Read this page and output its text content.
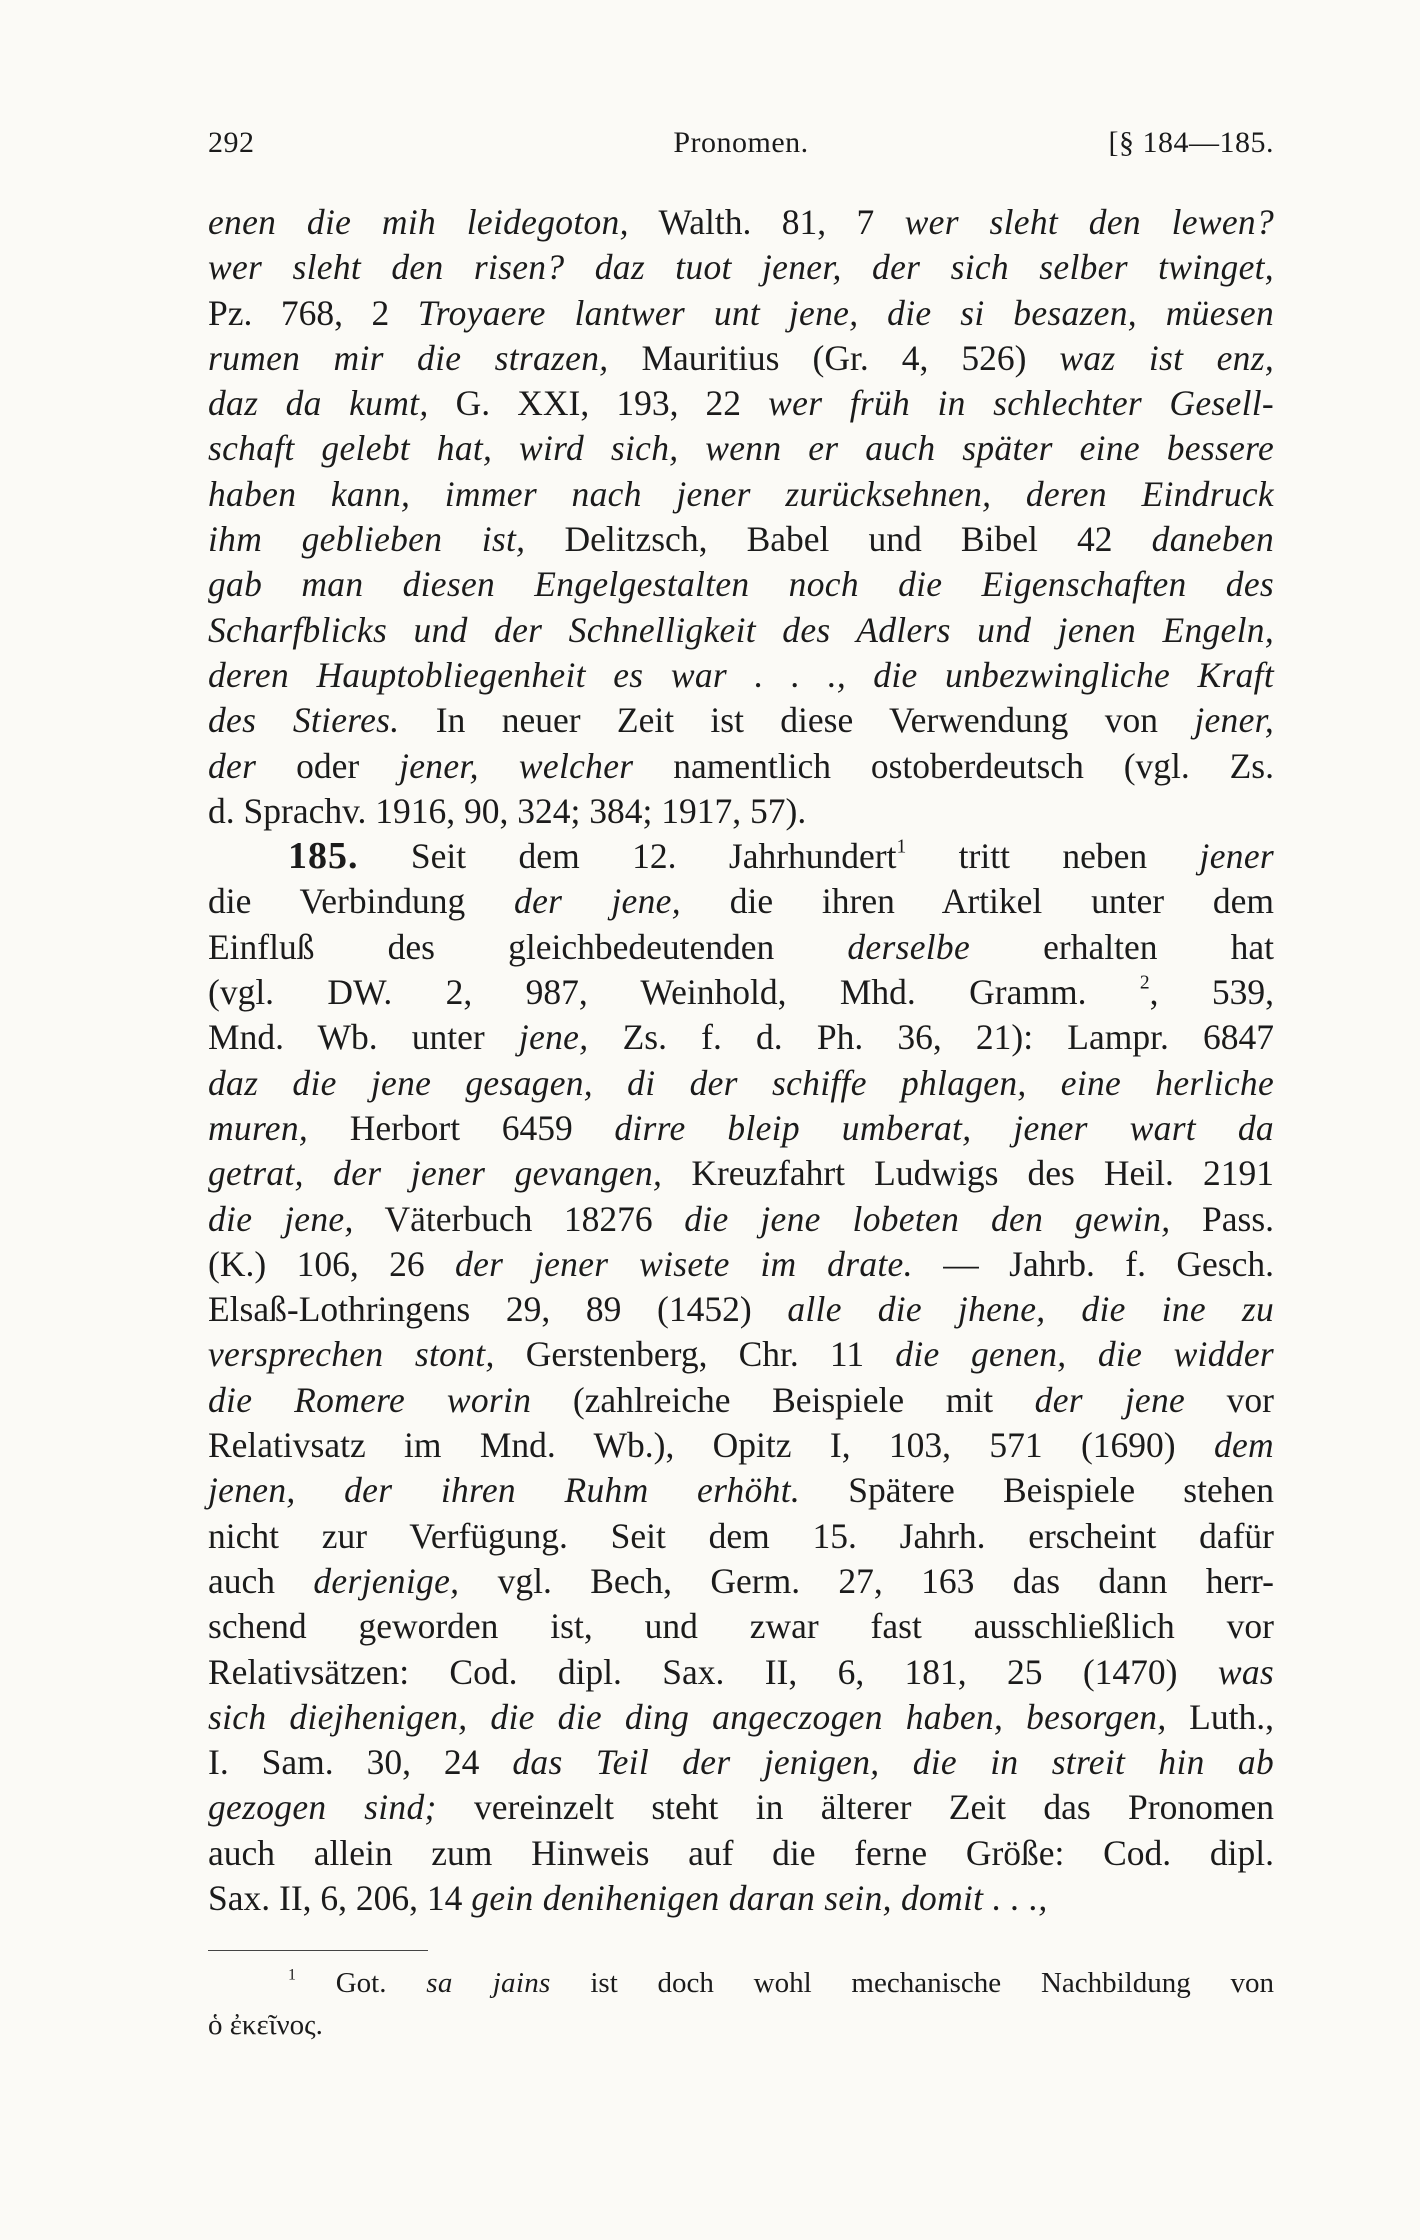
292	Pronomen.	[§ 184—185.
enen die mih leidegoton, Walth. 81, 7 wer sleht den lewen?
wer sleht den risen? daz tuot jener, der sich selber twinget,
Pz. 768, 2 Troyaere lantwer unt jene, die si besazen, müesen
rumen mir die strazen, Mauritius (Gr. 4, 526) waz ist enz,
daz da kumt, G. XXI, 193, 22 wer früh in schlechter Gesell-
schaft gelebt hat, wird sich, wenn er auch später eine bessere
haben kann, immer nach jener zurücksehnen, deren Eindruck
ihm geblieben ist, Delitzsch, Babel und Bibel 42 daneben
gab man diesen Engelgestalten noch die Eigenschaften des
Scharfblicks und der Schnelligkeit des Adlers und jenen Engeln,
deren Hauptobliegenheit es war . . ., die unbezwingliche Kraft
des Stieres. In neuer Zeit ist diese Verwendung von jener,
der oder jener, welcher namentlich ostoberdeutsch (vgl. Zs.
d. Sprachv. 1916, 90, 324; 384; 1917, 57).
185. Seit dem 12. Jahrhundert$^1$ tritt neben jener
die Verbindung der jene, die ihren Artikel unter dem
Einfluß des gleichbedeutenden derselbe erhalten hat
(vgl. DW. 2, 987, Weinhold, Mhd. Gramm. $^2$, 539,
Mnd. Wb. unter jene, Zs. f. d. Ph. 36, 21): Lampr. 6847
daz die jene gesagen, di der schiffe phlagen, eine herliche
muren, Herbort 6459 dirre bleip umberat, jener wart da
getrat, der jener gevangen, Kreuzfahrt Ludwigs des Heil. 2191
die jene, Väterbuch 18276 die jene lobeten den gewin, Pass.
(K.) 106, 26 der jener wisete im drate. — Jahrb. f. Gesch.
Elsaß-Lothringens 29, 89 (1452) alle die jhene, die ine zu
versprechen stont, Gerstenberg, Chr. 11 die genen, die widder
die Romere worin (zahlreiche Beispiele mit der jene vor
Relativsatz im Mnd. Wb.), Opitz I, 103, 571 (1690) dem
jenen, der ihren Ruhm erhöht. Spätere Beispiele stehen
nicht zur Verfügung. Seit dem 15. Jahrh. erscheint dafür
auch derjenige, vgl. Bech, Germ. 27, 163 das dann herr-
schend geworden ist, und zwar fast ausschließlich vor
Relativsätzen: Cod. dipl. Sax. II, 6, 181, 25 (1470) was
sich diejhenigen, die die ding angeczogen haben, besorgen, Luth.,
I. Sam. 30, 24 das Teil der jenigen, die in streit hin ab
gezogen sind; vereinzelt steht in älterer Zeit das Pronomen
auch allein zum Hinweis auf die ferne Größe: Cod. dipl.
Sax. II, 6, 206, 14 gein denihenigen daran sein, domit . . .,
$^1$ Got. sa jains ist doch wohl mechanische Nachbildung von
ὁ ἐκεῖνος.
